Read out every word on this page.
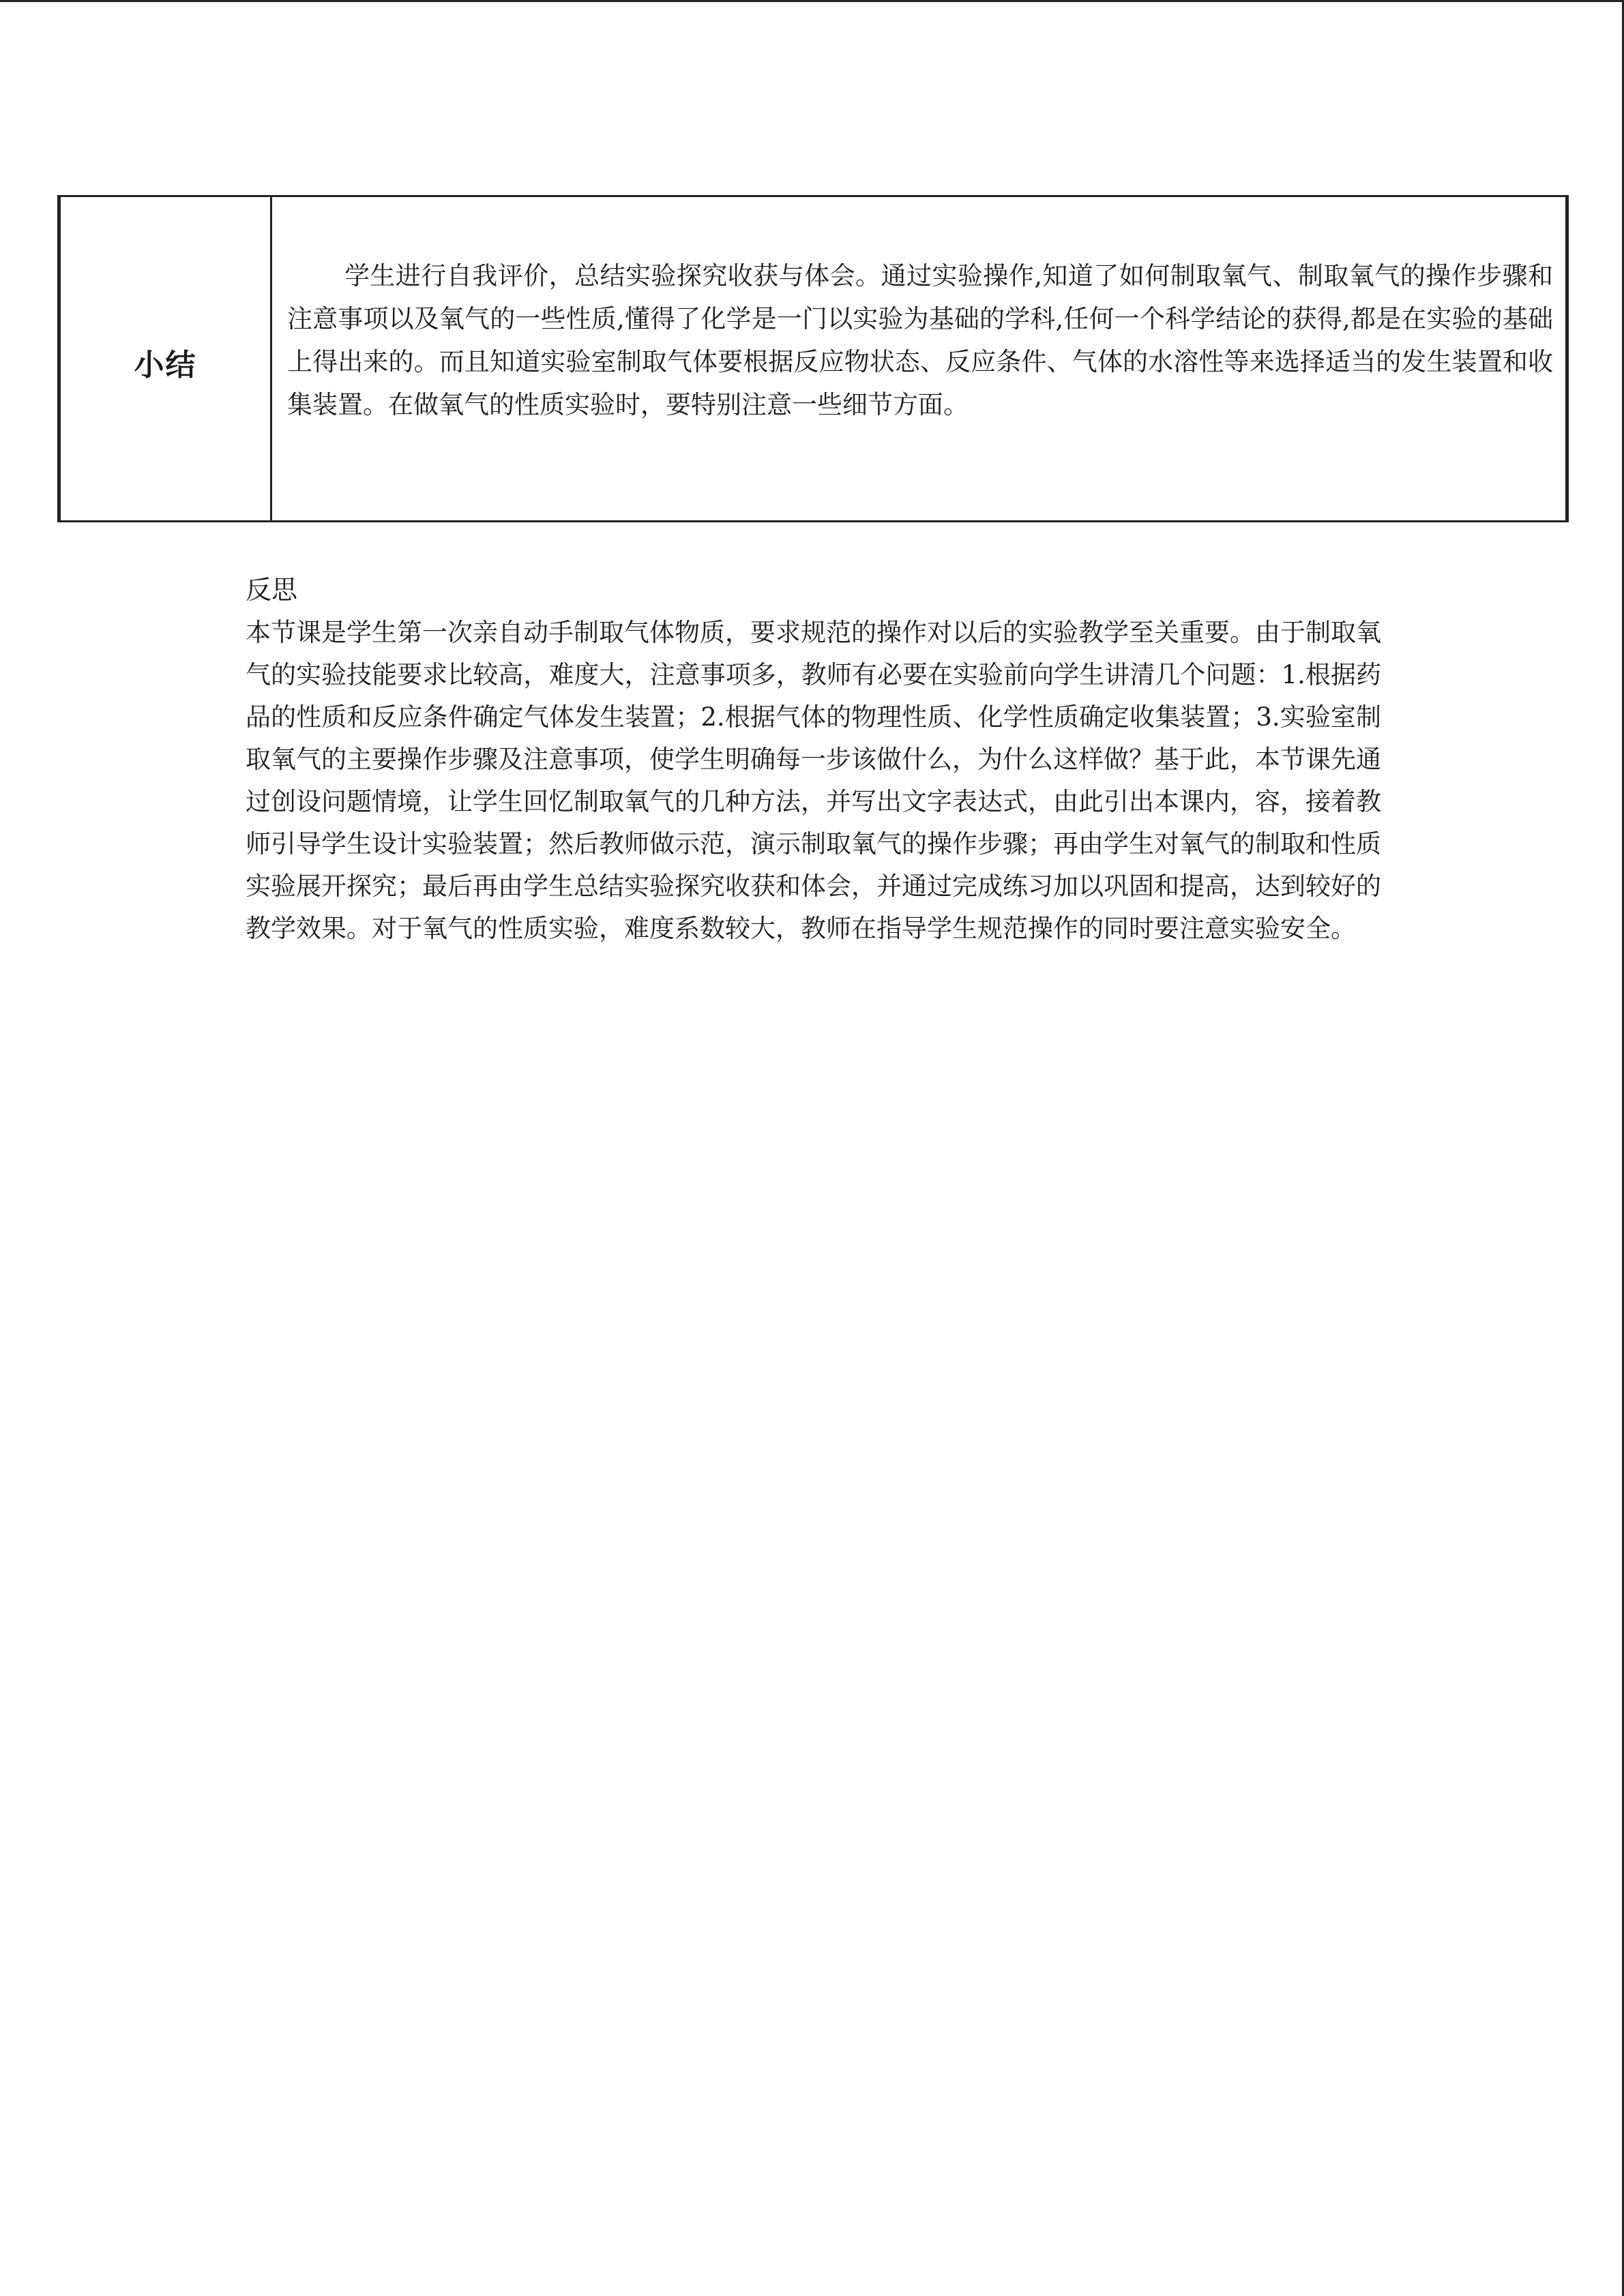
小结

学生进行自我评价，总结实验探究收获与体会。通过实验操作,知道了如何制取氧气、制取氧气的操作步骤和注意事项以及氧气的一些性质,懂得了化学是一门以实验为基础的学科,任何一个科学结论的获得,都是在实验的基础上得出来的。而且知道实验室制取气体要根据反应物状态、反应条件、气体的水溶性等来选择适当的发生装置和收集装置。在做氧气的性质实验时，要特别注意一些细节方面。

反思

本节课是学生第一次亲自动手制取气体物质，要求规范的操作对以后的实验教学至关重要。由于制取氧气的实验技能要求比较高，难度大，注意事项多，教师有必要在实验前向学生讲清几个问题：1.根据药品的性质和反应条件确定气体发生装置；2.根据气体的物理性质、化学性质确定收集装置；3.实验室制取氧气的主要操作步骤及注意事项，使学生明确每一步该做什么，为什么这样做？基于此，本节课先通过创设问题情境，让学生回忆制取氧气的几种方法，并写出文字表达式，由此引出本课内，容，接着教师引导学生设计实验装置；然后教师做示范，演示制取氧气的操作步骤；再由学生对氧气的制取和性质实验展开探究；最后再由学生总结实验探究收获和体会，并通过完成练习加以巩固和提高，达到较好的教学效果。对于氧气的性质实验，难度系数较大，教师在指导学生规范操作的同时要注意实验安全。
